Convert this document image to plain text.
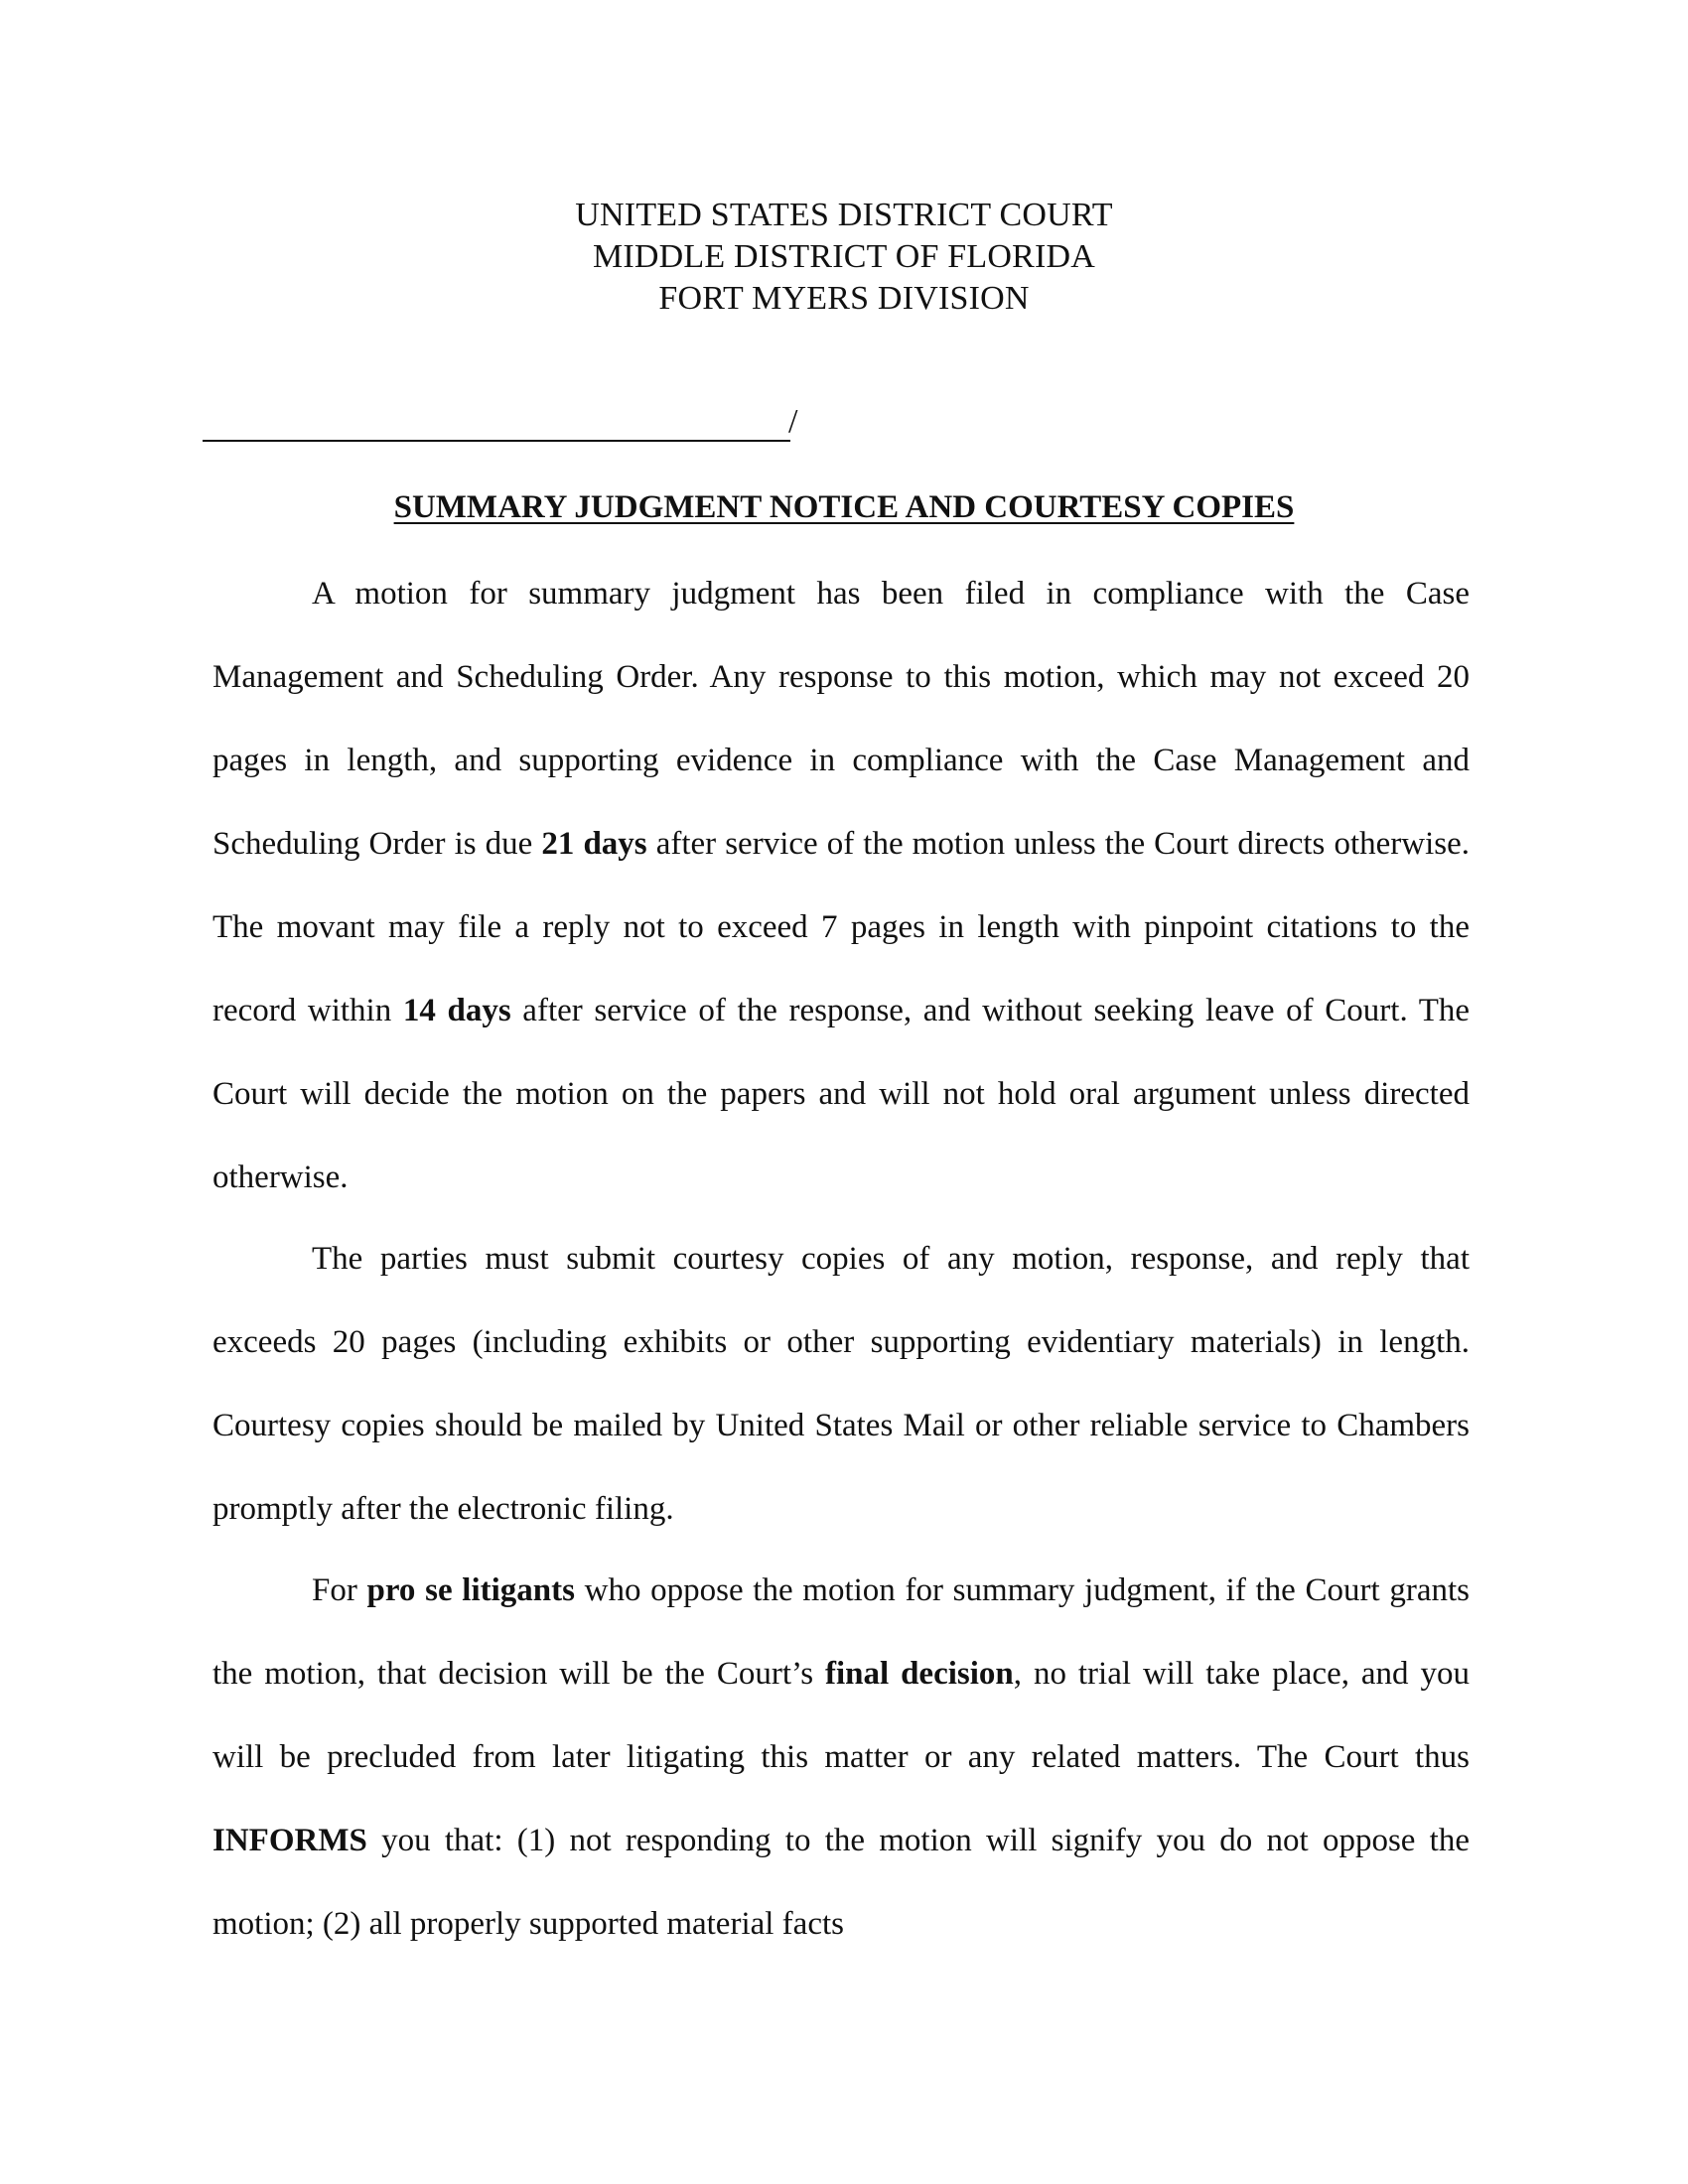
UNITED STATES DISTRICT COURT
MIDDLE DISTRICT OF FLORIDA
FORT MYERS DIVISION
/
SUMMARY JUDGMENT NOTICE AND COURTESY COPIES

A motion for summary judgment has been filed in compliance with the Case Management and Scheduling Order. Any response to this motion, which may not exceed 20 pages in length, and supporting evidence in compliance with the Case Management and Scheduling Order is due 21 days after service of the motion unless the Court directs otherwise. The movant may file a reply not to exceed 7 pages in length with pinpoint citations to the record within 14 days after service of the response, and without seeking leave of Court. The Court will decide the motion on the papers and will not hold oral argument unless directed otherwise.

The parties must submit courtesy copies of any motion, response, and reply that exceeds 20 pages (including exhibits or other supporting evidentiary materials) in length. Courtesy copies should be mailed by United States Mail or other reliable service to Chambers promptly after the electronic filing.

For pro se litigants who oppose the motion for summary judgment, if the Court grants the motion, that decision will be the Court’s final decision, no trial will take place, and you will be precluded from later litigating this matter or any related matters. The Court thus INFORMS you that: (1) not responding to the motion will signify you do not oppose the motion; (2) all properly supported material facts
